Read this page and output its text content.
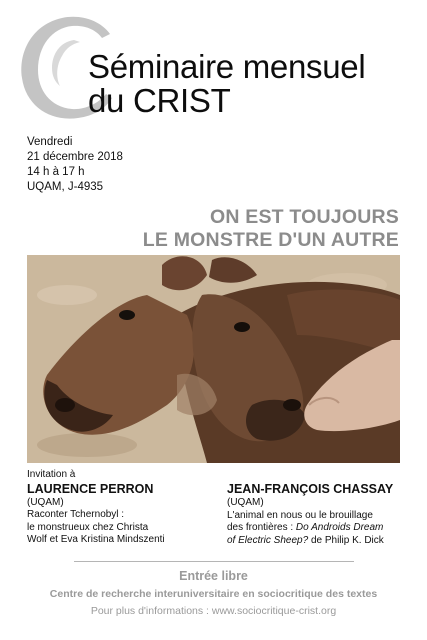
Séminaire mensuel
du CRIST
Vendredi
21 décembre 2018
14 h à 17 h
UQAM, J-4935
ON EST TOUJOURS
LE MONSTRE D'UN AUTRE
Invitation à
LAURENCE PERRON
(UQAM)
Raconter Tchernobyl :
le monstrueux chez Christa
Wolf et Eva Kristina Mindszenti
JEAN-FRANÇOIS CHASSAY
(UQAM)
L'animal en nous ou le brouillage
des frontières : Do Androids Dream
of Electric Sheep? de Philip K. Dick
Entrée libre
Centre de recherche interuniversitaire en sociocritique des textes
Pour plus d'informations : www.sociocritique-crist.org
